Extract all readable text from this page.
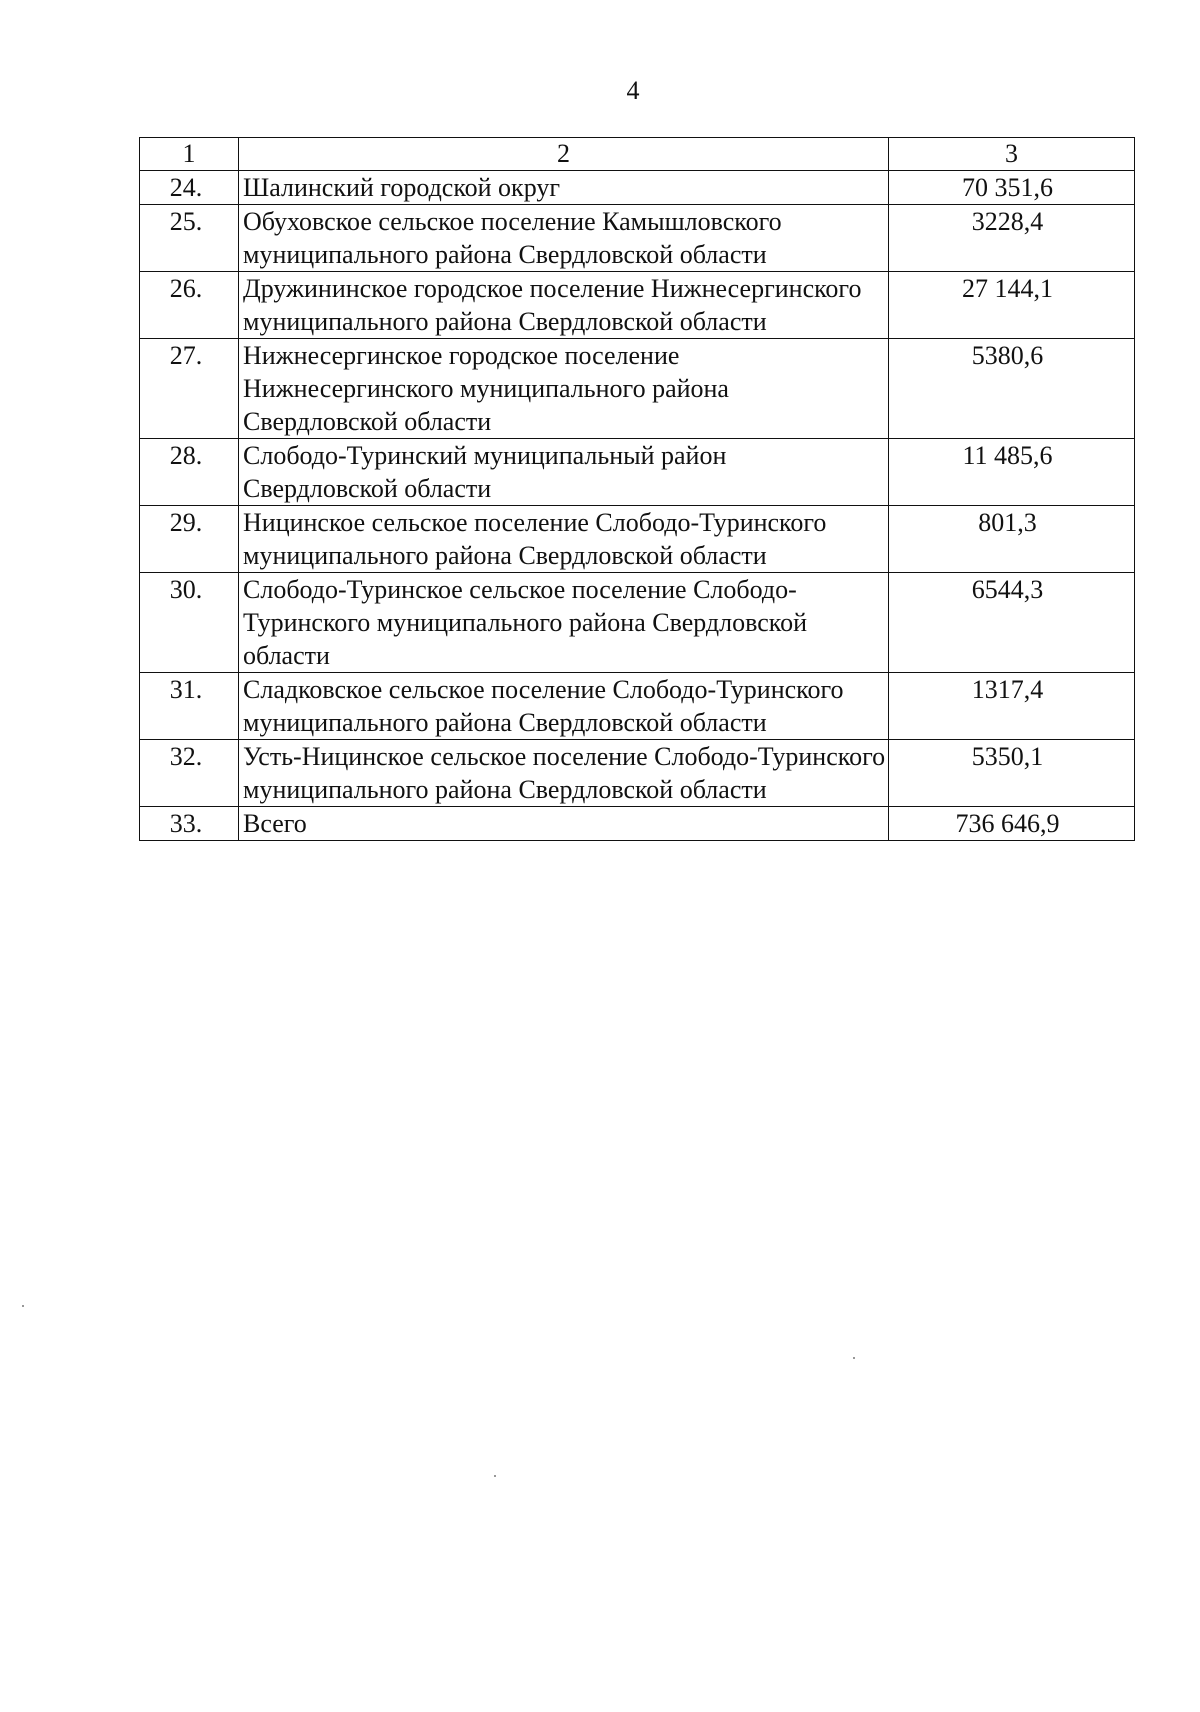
4
1	2	3
24.	Шалинский городской округ	70 351,6
25.	Обуховское сельское поселение Камышловского муниципального района Свердловской области	3228,4
26.	Дружининское городское поселение Нижнесергинского муниципального района Свердловской области	27 144,1
27.	Нижнесергинское городское поселение Нижнесергинского муниципального района Свердловской области	5380,6
28.	Слободо-Туринский муниципальный район Свердловской области	11 485,6
29.	Ницинское сельское поселение Слободо-Туринского муниципального района Свердловской области	801,3
30.	Слободо-Туринское сельское поселение Слободо-Туринского муниципального района Свердловской области	6544,3
31.	Сладковское сельское поселение Слободо-Туринского муниципального района Свердловской области	1317,4
32.	Усть-Ницинское сельское поселение Слободо-Туринского муниципального района Свердловской области	5350,1
33.	Всего	736 646,9
